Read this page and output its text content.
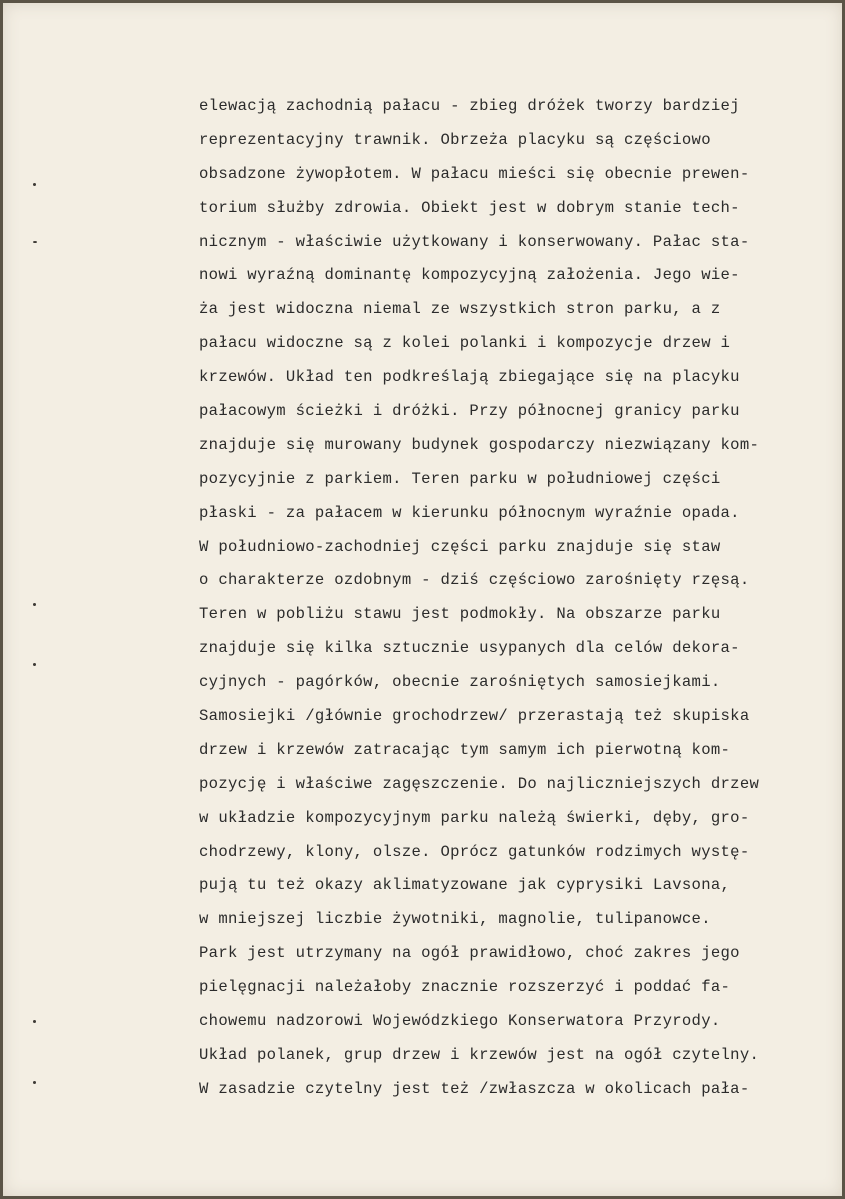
elewacją zachodnią pałacu - zbieg dróżek tworzy bardziej
reprezentacyjny trawnik. Obrzeża placyku są częściowo
obsadzone żywopłotem. W pałacu mieści się obecnie prewen-
torium służby zdrowia. Obiekt jest w dobrym stanie tech-
nicznym - właściwie użytkowany i konserwowany. Pałac sta-
nowi wyraźną dominantę kompozycyjną założenia. Jego wie-
ża jest widoczna niemal ze wszystkich stron parku, a z
pałacu widoczne są z kolei polanki i kompozycje drzew i
krzewów. Układ ten podkreślają zbiegające się na placyku
pałacowym ścieżki i dróżki. Przy północnej granicy parku
znajduje się murowany budynek gospodarczy niezwiązany kom-
pozycyjnie z parkiem. Teren parku w południowej części
płaski - za pałacem w kierunku północnym wyraźnie opada.
W południowo-zachodniej części parku znajduje się staw
o charakterze ozdobnym - dziś częściowo zarośnięty rzęsą.
Teren w pobliżu stawu jest podmokły. Na obszarze parku
znajduje się kilka sztucznie usypanych dla celów dekora-
cyjnych - pagórków, obecnie zarośniętych samosiejkami.
Samosiejki /głównie grochodrzew/ przerastają też skupiska
drzew i krzewów zatracając tym samym ich pierwotną kom-
pozycję i właściwe zagęszczenie. Do najliczniejszych drzew
w układzie kompozycyjnym parku należą świerki, dęby, gro-
chodrzewy, klony, olsze. Oprócz gatunków rodzimych wystę-
pują tu też okazy aklimatyzowane jak cyprysiki Lavsona,
w mniejszej liczbie żywotniki, magnolie, tulipanowce.
Park jest utrzymany na ogół prawidłowo, choć zakres jego
pielęgnacji należałoby znacznie rozszerzyć i poddać fa-
chowemu nadzorowi Wojewódzkiego Konserwatora Przyrody.
Układ polanek, grup drzew i krzewów jest na ogół czytelny.
W zasadzie czytelny jest też /zwłaszcza w okolicach pała-
